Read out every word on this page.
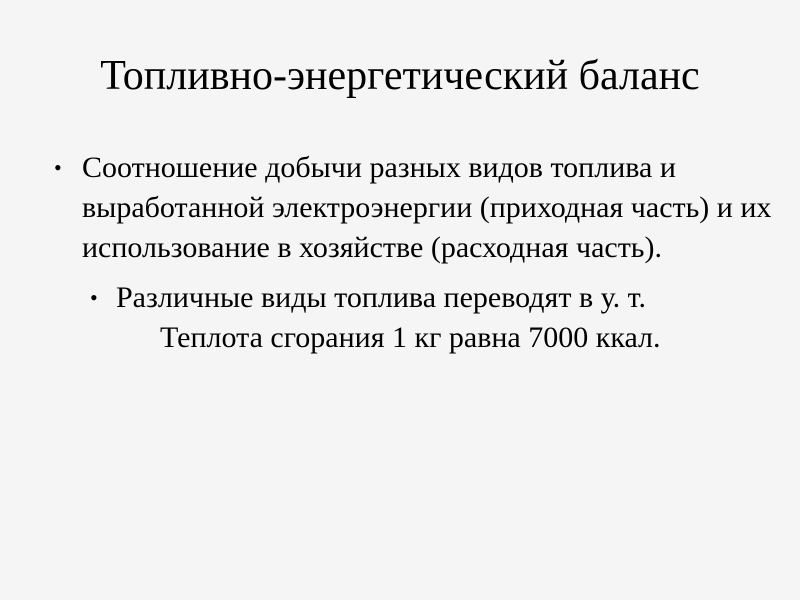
Топливно-энергетический баланс
• Соотношение добычи разных видов топлива и выработанной электроэнергии (приходная часть) и их использование в хозяйстве (расходная часть).
• Различные виды топлива переводят в у. т.
Теплота сгорания 1 кг равна 7000 ккал.
